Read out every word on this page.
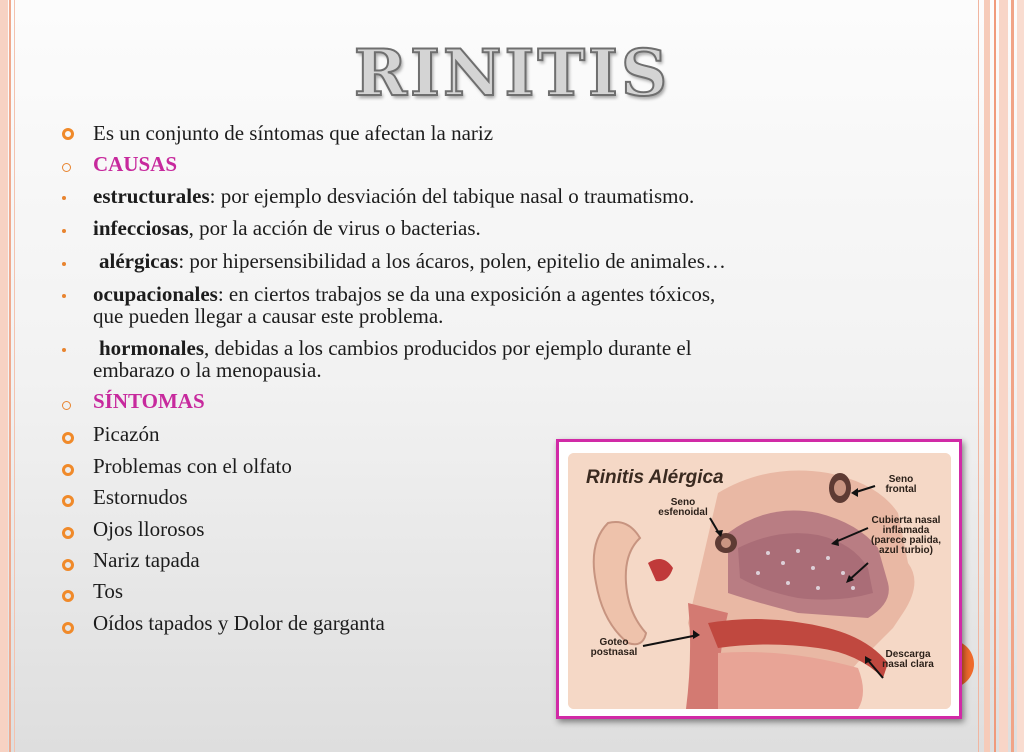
RINITIS
Es un conjunto de síntomas que afectan la nariz
CAUSAS
estructurales: por ejemplo desviación del tabique nasal o traumatismo.
infecciosas, por la acción de virus o bacterias.
alérgicas: por hipersensibilidad a los ácaros, polen, epitelio de animales…
ocupacionales: en ciertos trabajos se da una exposición a agentes tóxicos,
que pueden llegar a causar este problema.
hormonales, debidas a los cambios producidos por ejemplo durante el
embarazo o la menopausia.
SÍNTOMAS
Picazón
Problemas con el olfato
Estornudos
Ojos llorosos
Nariz tapada
Tos
Oídos tapados y Dolor de garganta
Rinitis Alérgica	Seno
frontal
Seno
esfenoidal
Cubierta nasal
inflamada
(parece palida,
azul turbio)
Goteo
postnasal	Descarga
nasal clara
